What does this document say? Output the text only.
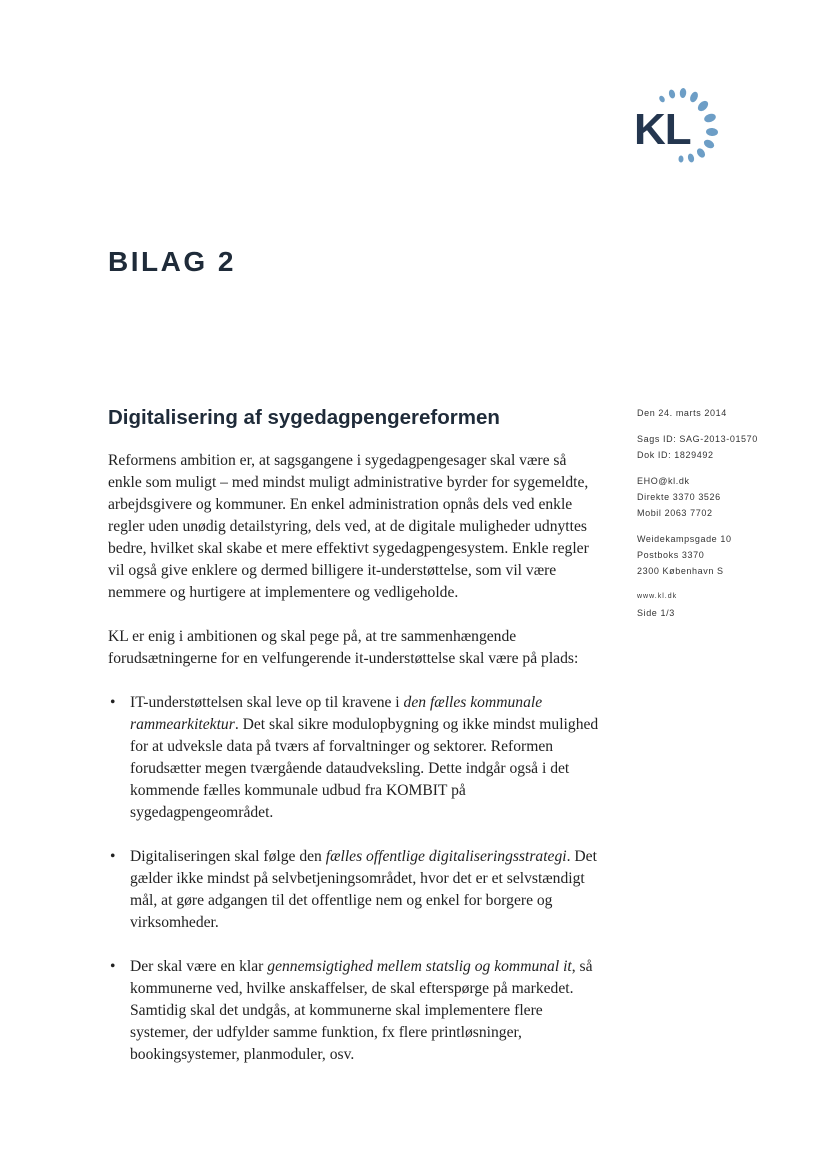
KL
BILAG 2
Digitalisering af sygedagpengereformen

Reformens ambition er, at sagsgangene i sygedagpengesager skal være så enkle som muligt – med mindst muligt administrative byrder for sygemeldte, arbejdsgivere og kommuner. En enkel administration opnås dels ved enkle regler uden unødig detailstyring, dels ved, at de digitale muligheder udnyttes bedre, hvilket skal skabe et mere effektivt sygedagpengesystem. Enkle regler vil også give enklere og dermed billigere it-understøttelse, som vil være nemmere og hurtigere at implementere og vedligeholde.

KL er enig i ambitionen og skal pege på, at tre sammenhængende forudsætningerne for en velfungerende it-understøttelse skal være på plads:

• IT-understøttelsen skal leve op til kravene i den fælles kommunale rammearkitektur. Det skal sikre modulopbygning og ikke mindst mulighed for at udveksle data på tværs af forvaltninger og sektorer. Reformen forudsætter megen tværgående dataudveksling. Dette indgår også i det kommende fælles kommunale udbud fra KOMBIT på sygedagpengeområdet.
• Digitaliseringen skal følge den fælles offentlige digitaliseringsstrategi. Det gælder ikke mindst på selvbetjeningsområdet, hvor det er et selvstændigt mål, at gøre adgangen til det offentlige nem og enkel for borgere og virksomheder.
• Der skal være en klar gennemsigtighed mellem statslig og kommunal it, så kommunerne ved, hvilke anskaffelser, de skal efterspørge på markedet. Samtidig skal det undgås, at kommunerne skal implementere flere systemer, der udfylder samme funktion, fx flere printløsninger, bookingsystemer, planmoduler, osv.
Den 24. marts 2014
Sags ID: SAG-2013-01570
Dok ID: 1829492
EHO@kl.dk
Direkte 3370 3526
Mobil 2063 7702
Weidekampsgade 10
Postboks 3370
2300 København S
www.kl.dk
Side 1/3
